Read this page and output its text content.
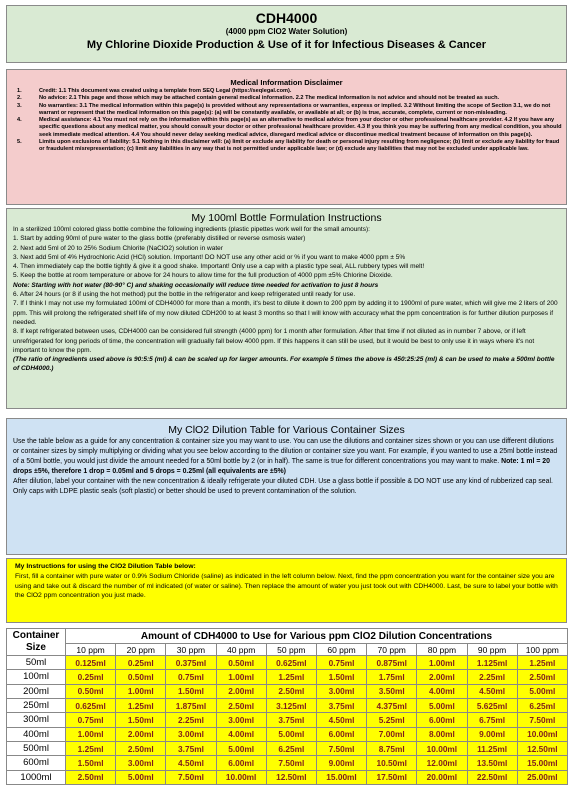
CDH4000
(4000 ppm ClO2 Water Solution)
My Chlorine Dioxide Production & Use of it for Infectious Diseases & Cancer
Medical Information Disclaimer
1.	Credit: 1.1 This document was created using a template from SEQ Legal (https://seqlegal.com).
2.	No advice: 2.1 This page and those which may be attached contain general medical information. 2.2 The medical information is not advice and should not be treated as such.
3.	No warranties: 3.1 The medical information within this page(s) is provided without any representations or warranties, express or implied. 3.2 Without limiting the scope of Section 3.1, we do not warrant or represent that the medical information on this page(s): (a) will be constantly available, or available at all; or (b) is true, accurate, complete, current or non-misleading.
4.	Medical assistance: 4.1 You must not rely on the information within this page(s) as an alternative to medical advice from your doctor or other professional healthcare provider. 4.2 If you have any specific questions about any medical matter, you should consult your doctor or other professional healthcare provider. 4.3 If you think you may be suffering from any medical condition, you should seek immediate medical attention. 4.4 You should never delay seeking medical advice, disregard medical advice or discontinue medical treatment because of information on this page(s).
5.	Limits upon exclusions of liability: 5.1 Nothing in this disclaimer will: (a) limit or exclude any liability for death or personal injury resulting from negligence; (b) limit or exclude any liability for fraud or fraudulent misrepresentation; (c) limit any liabilities in any way that is not permitted under applicable law; or (d) exclude any liabilities that may not be excluded under applicable law.
My 100ml Bottle Formulation Instructions
In a sterilized 100ml colored glass bottle combine the following ingredients (plastic pipettes work well for the small amounts):
1. Start by adding 90ml of pure water to the glass bottle (preferably distilled or reverse osmosis water)
2. Next add 5ml of 20 to 25% Sodium Chlorite (NaClO2) solution in water
3. Next add 5ml of 4% Hydrochloric Acid (HCl) solution. Important! DO NOT use any other acid or % if you want to make 4000 ppm ± 5%
4. Then immediately cap the bottle tightly & give it a good shake. Important! Only use a cap with a plastic type seal, ALL rubbery types will melt!
5. Keep the bottle at room temperature or above for 24 hours to allow time for the full production of 4000 ppm ±5% Chlorine Dioxide.
Note: Starting with hot water (80-90° C) and shaking occasionally will reduce time needed for activation to just 8 hours
6. After 24 hours (or 8 if using the hot method) put the bottle in the refrigerator and keep refrigerated until ready for use.
7. If I think I may not use my formulated 100ml of CDH4000 for more than a month, it's best to dilute it down to 200 ppm by adding it to 1900ml of pure water, which will give me 2 liters of 200 ppm. This will prolong the refrigerated shelf life of my now diluted CDH200 to at least 3 months so that I will know with accuracy what the ppm concentration is for further dilution purposes if needed.
8. If kept refrigerated between uses, CDH4000 can be considered full strength (4000 ppm) for 1 month after formulation. After that time if not diluted as in number 7 above, or if left unrefrigerated for long periods of time, the concentration will gradually fall below 4000 ppm. If this happens it can still be used, but it would be best to only use it in ways where it's not important to know the ppm.
(The ratio of ingredients used above is 90:5:5 (ml) & can be scaled up for larger amounts. For example 5 times the above is 450:25:25 (ml) & can be used to make a 500ml bottle of CDH4000.)
My ClO2 Dilution Table for Various Container Sizes
Use the table below as a guide for any concentration & container size you may want to use. You can use the dilutions and container sizes shown or you can use different dilutions or container sizes by simply multiplying or dividing what you see below according to the dilution or container size you want. For example, if you wanted to use a 25ml bottle instead of a 50ml bottle, you would just divide the amount needed for a 50ml bottle by 2 (or in half). The same is true for different concentrations you may want to make. Note: 1 ml = 20 drops ±5%, therefore 1 drop = 0.05ml and 5 drops = 0.25ml (all equivalents are ±5%)
After dilution, label your container with the new concentration & ideally refrigerate your diluted CDH. Use a glass bottle if possible & DO NOT use any kind of rubberized cap seal. Only caps with LDPE plastic seals (soft plastic) or better should be used to prevent contamination of the solution.
My Instructions for using the ClO2 Dilution Table below:
First, fill a container with pure water or 0.9% Sodium Chloride (saline) as indicated in the left column below. Next, find the ppm concentration you want for the container size you are using and take out & discard the number of ml indicated (of water or saline). Then replace the amount of water you just took out with CDH4000. Last, be sure to label your bottle with the ClO2 ppm concentration you just made.
Container Size	Amount of CDH4000 to Use for Various ppm ClO2 Dilution Concentrations									
	10 ppm	20 ppm	30 ppm	40 ppm	50 ppm	60 ppm	70 ppm	80 ppm	90 ppm	100 ppm
50ml	0.125ml	0.25ml	0.375ml	0.50ml	0.625ml	0.75ml	0.875ml	1.00ml	1.125ml	1.25ml
100ml	0.25ml	0.50ml	0.75ml	1.00ml	1.25ml	1.50ml	1.75ml	2.00ml	2.25ml	2.50ml
200ml	0.50ml	1.00ml	1.50ml	2.00ml	2.50ml	3.00ml	3.50ml	4.00ml	4.50ml	5.00ml
250ml	0.625ml	1.25ml	1.875ml	2.50ml	3.125ml	3.75ml	4.375ml	5.00ml	5.625ml	6.25ml
300ml	0.75ml	1.50ml	2.25ml	3.00ml	3.75ml	4.50ml	5.25ml	6.00ml	6.75ml	7.50ml
400ml	1.00ml	2.00ml	3.00ml	4.00ml	5.00ml	6.00ml	7.00ml	8.00ml	9.00ml	10.00ml
500ml	1.25ml	2.50ml	3.75ml	5.00ml	6.25ml	7.50ml	8.75ml	10.00ml	11.25ml	12.50ml
600ml	1.50ml	3.00ml	4.50ml	6.00ml	7.50ml	9.00ml	10.50ml	12.00ml	13.50ml	15.00ml
1000ml	2.50ml	5.00ml	7.50ml	10.00ml	12.50ml	15.00ml	17.50ml	20.00ml	22.50ml	25.00ml
